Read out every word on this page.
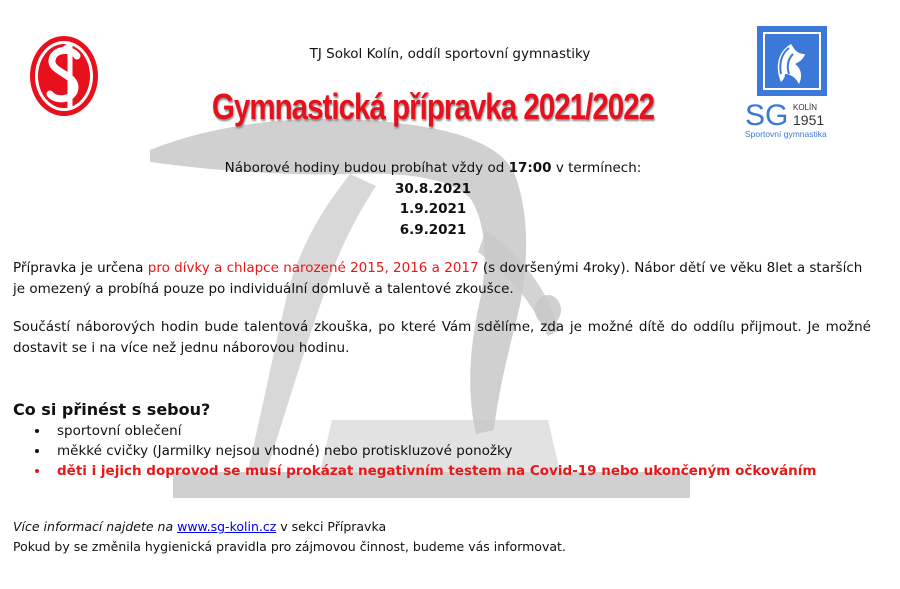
SG KOLÍN
1951
Sportovní gymnastika
TJ Sokol Kolín, oddíl sportovní gymnastiky
Gymnastická přípravka 2021/2022
Náborové hodiny budou probíhat vždy od 17:00 v termínech:
30.8.2021
1.9.2021
6.9.2021
Přípravka je určena pro dívky a chlapce narozené 2015, 2016 a 2017 (s dovršenými 4roky). Nábor dětí ve věku 8let a starších je omezený a probíhá pouze po individuální domluvě a talentové zkoušce.
Součástí náborových hodin bude talentová zkouška, po které Vám sdělíme, zda je možné dítě do oddílu přijmout. Je možné dostavit se i na více než jednu náborovou hodinu.
Co si přinést s sebou?
sportovní oblečení
měkké cvičky (Jarmilky nejsou vhodné) nebo protiskluzové ponožky
děti i jejich doprovod se musí prokázat negativním testem na Covid-19 nebo ukončeným očkováním
Více informací najdete na www.sg-kolin.cz v sekci Přípravka
Pokud by se změnila hygienická pravidla pro zájmovou činnost, budeme vás informovat.
